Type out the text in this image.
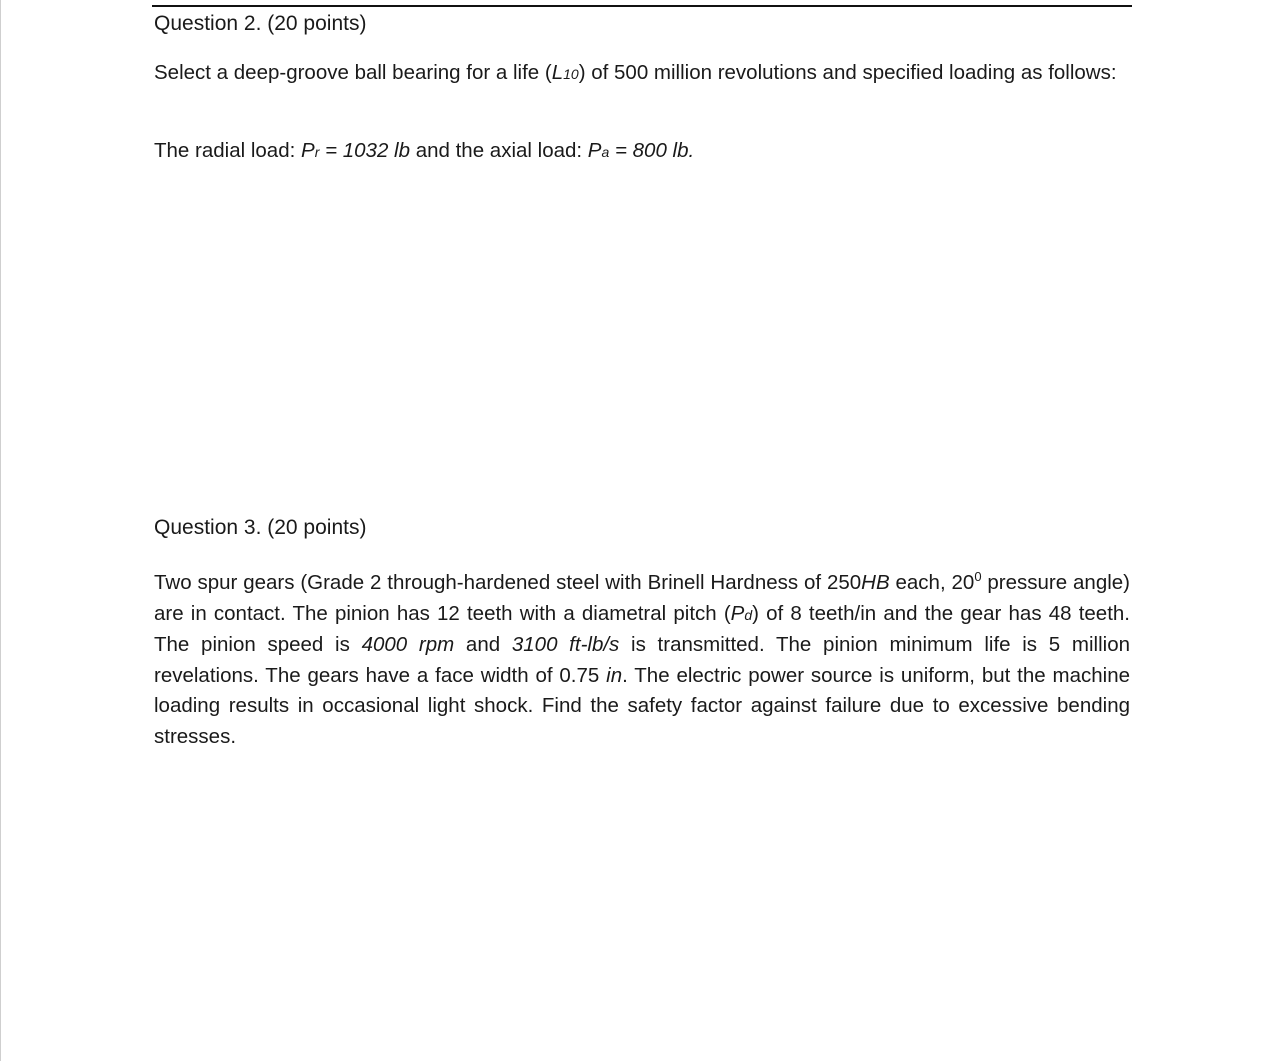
Question 2. (20 points)
Select a deep-groove ball bearing for a life (L10) of 500 million revolutions and specified loading as follows:
The radial load: Pr = 1032 lb and the axial load: Pa = 800 lb.
Question 3. (20 points)
Two spur gears (Grade 2 through-hardened steel with Brinell Hardness of 250HB each, $20^0$ pressure angle) are in contact. The pinion has 12 teeth with a diametral pitch (Pd) of 8 teeth/in and the gear has 48 teeth. The pinion speed is 4000 rpm and 3100 ft-lb/s is transmitted. The pinion minimum life is 5 million revelations. The gears have a face width of 0.75 in. The electric power source is uniform, but the machine loading results in occasional light shock. Find the safety factor against failure due to excessive bending stresses.
